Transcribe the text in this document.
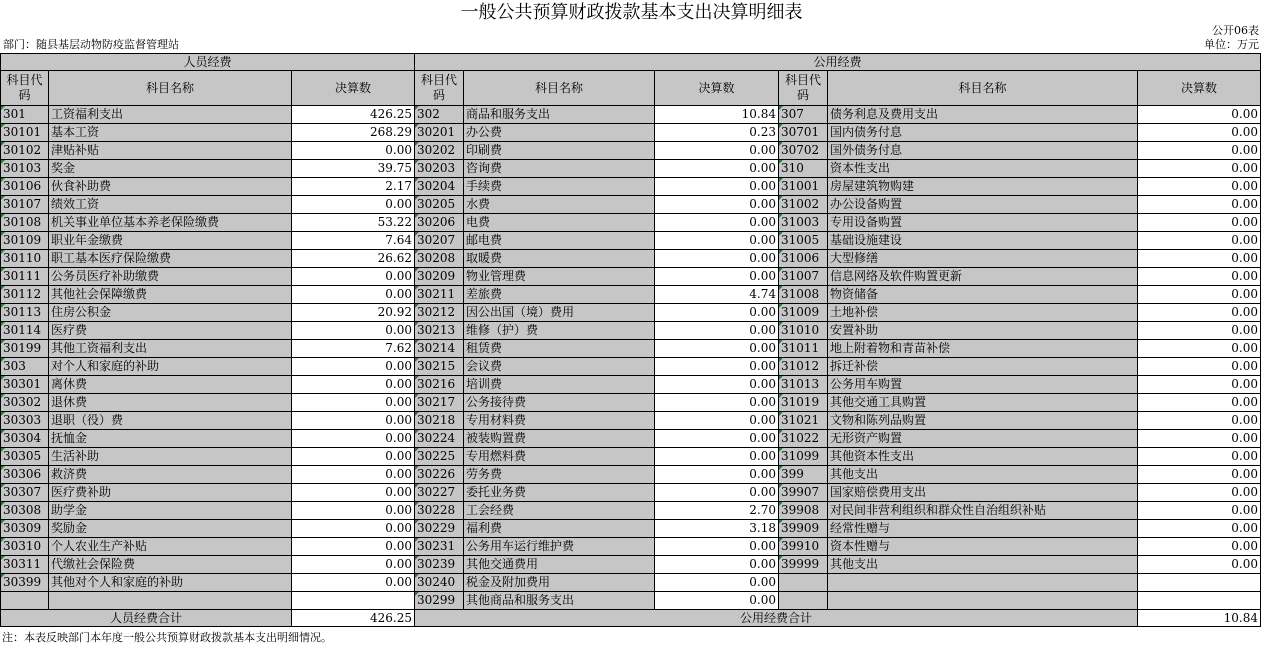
一般公共预算财政拨款基本支出决算明细表
公开06表
部门：随县基层动物防疫监督管理站	单位：万元
人员经费			公用经费					
科目代码	科目名称	决算数	科目代码	科目名称	决算数	科目代码	科目名称	决算数
301	工资福利支出	426.25	302	商品和服务支出	10.84	307	债务利息及费用支出	0.00
30101	基本工资	268.29	30201	办公费	0.23	30701	国内债务付息	0.00
30102	津贴补贴	0.00	30202	印刷费	0.00	30702	国外债务付息	0.00
30103	奖金	39.75	30203	咨询费	0.00	310	资本性支出	0.00
30106	伙食补助费	2.17	30204	手续费	0.00	31001	房屋建筑物购建	0.00
30107	绩效工资	0.00	30205	水费	0.00	31002	办公设备购置	0.00
30108	机关事业单位基本养老保险缴费	53.22	30206	电费	0.00	31003	专用设备购置	0.00
30109	职业年金缴费	7.64	30207	邮电费	0.00	31005	基础设施建设	0.00
30110	职工基本医疗保险缴费	26.62	30208	取暖费	0.00	31006	大型修缮	0.00
30111	公务员医疗补助缴费	0.00	30209	物业管理费	0.00	31007	信息网络及软件购置更新	0.00
30112	其他社会保障缴费	0.00	30211	差旅费	4.74	31008	物资储备	0.00
30113	住房公积金	20.92	30212	因公出国（境）费用	0.00	31009	土地补偿	0.00
30114	医疗费	0.00	30213	维修（护）费	0.00	31010	安置补助	0.00
30199	其他工资福利支出	7.62	30214	租赁费	0.00	31011	地上附着物和青苗补偿	0.00
303	对个人和家庭的补助	0.00	30215	会议费	0.00	31012	拆迁补偿	0.00
30301	离休费	0.00	30216	培训费	0.00	31013	公务用车购置	0.00
30302	退休费	0.00	30217	公务接待费	0.00	31019	其他交通工具购置	0.00
30303	退职（役）费	0.00	30218	专用材料费	0.00	31021	文物和陈列品购置	0.00
30304	抚恤金	0.00	30224	被装购置费	0.00	31022	无形资产购置	0.00
30305	生活补助	0.00	30225	专用燃料费	0.00	31099	其他资本性支出	0.00
30306	救济费	0.00	30226	劳务费	0.00	399	其他支出	0.00
30307	医疗费补助	0.00	30227	委托业务费	0.00	39907	国家赔偿费用支出	0.00
30308	助学金	0.00	30228	工会经费	2.70	39908	对民间非营利组织和群众性自治组织补贴	0.00
30309	奖励金	0.00	30229	福利费	3.18	39909	经常性赠与	0.00
30310	个人农业生产补贴	0.00	30231	公务用车运行维护费	0.00	39910	资本性赠与	0.00
30311	代缴社会保险费	0.00	30239	其他交通费用	0.00	39999	其他支出	0.00
30399	其他对个人和家庭的补助	0.00	30240	税金及附加费用	0.00			
			30299	其他商品和服务支出	0.00			
人员经费合计		426.25	公用经费合计					10.84
注：本表反映部门本年度一般公共预算财政拨款基本支出明细情况。
